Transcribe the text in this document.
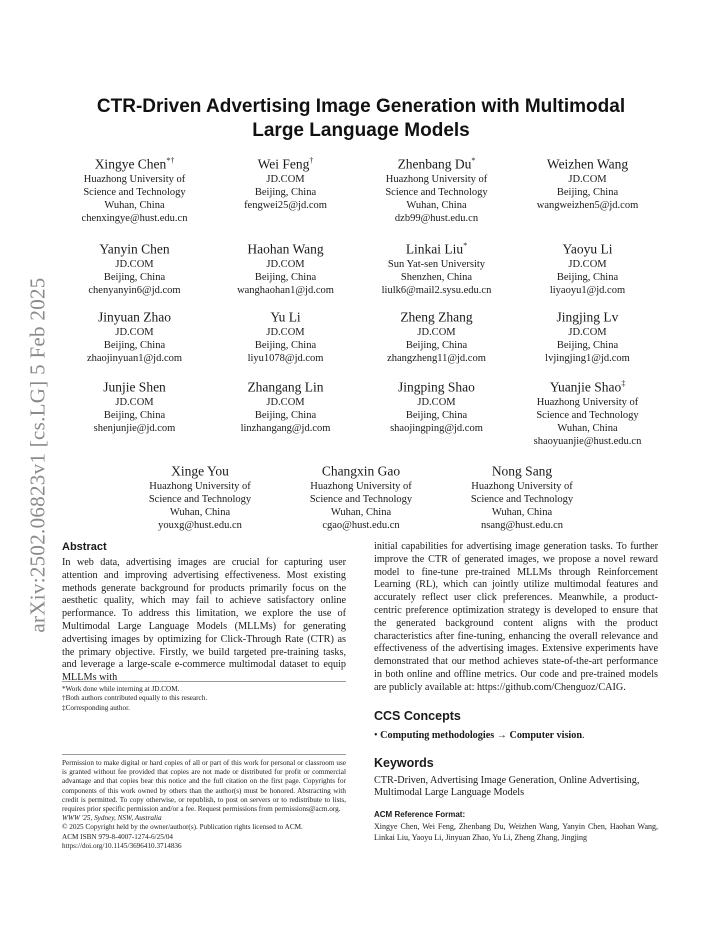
arXiv:2502.06823v1 [cs.LG] 5 Feb 2025
CTR-Driven Advertising Image Generation with Multimodal
Large Language Models
Xingye Chen*†
Huazhong University of
Science and Technology
Wuhan, China
chenxingye@hust.edu.cn
Wei Feng†
JD.COM
Beijing, China
fengwei25@jd.com
Zhenbang Du*
Huazhong University of
Science and Technology
Wuhan, China
dzb99@hust.edu.cn
Weizhen Wang
JD.COM
Beijing, China
wangweizhen5@jd.com
Yanyin Chen
JD.COM
Beijing, China
chenyanyin6@jd.com
Haohan Wang
JD.COM
Beijing, China
wanghaohan1@jd.com
Linkai Liu*
Sun Yat-sen University
Shenzhen, China
liulk6@mail2.sysu.edu.cn
Yaoyu Li
JD.COM
Beijing, China
liyaoyu1@jd.com
Jinyuan Zhao
JD.COM
Beijing, China
zhaojinyuan1@jd.com
Yu Li
JD.COM
Beijing, China
liyu1078@jd.com
Zheng Zhang
JD.COM
Beijing, China
zhangzheng11@jd.com
Jingjing Lv
JD.COM
Beijing, China
lvjingjing1@jd.com
Junjie Shen
JD.COM
Beijing, China
shenjunjie@jd.com
Zhangang Lin
JD.COM
Beijing, China
linzhangang@jd.com
Jingping Shao
JD.COM
Beijing, China
shaojingping@jd.com
Yuanjie Shao‡
Huazhong University of
Science and Technology
Wuhan, China
shaoyuanjie@hust.edu.cn
Xinge You
Huazhong University of
Science and Technology
Wuhan, China
youxg@hust.edu.cn
Changxin Gao
Huazhong University of
Science and Technology
Wuhan, China
cgao@hust.edu.cn
Nong Sang
Huazhong University of
Science and Technology
Wuhan, China
nsang@hust.edu.cn
Abstract

In web data, advertising images are crucial for capturing user attention and improving advertising effectiveness. Most existing methods generate background for products primarily focus on the aesthetic quality, which may fail to achieve satisfactory online performance. To address this limitation, we explore the use of Multimodal Large Language Models (MLLMs) for generating advertising images by optimizing for Click-Through Rate (CTR) as the primary objective. Firstly, we build targeted pre-training tasks, and leverage a large-scale e-commerce multimodal dataset to equip MLLMs with

*Work done while interning at JD.COM.
†Both authors contributed equally to this research.
‡Corresponding author.

Permission to make digital or hard copies of all or part of this work for personal or classroom use is granted without fee provided that copies are not made or distributed for profit or commercial advantage and that copies bear this notice and the full citation on the first page. Copyrights for components of this work owned by others than the author(s) must be honored. Abstracting with credit is permitted. To copy otherwise, or republish, to post on servers or to redistribute to lists, requires prior specific permission and/or a fee. Request permissions from permissions@acm.org.

WWW '25, Sydney, NSW, Australia
© 2025 Copyright held by the owner/author(s). Publication rights licensed to ACM.
ACM ISBN 979-8-4007-1274-6/25/04
https://doi.org/10.1145/3696410.3714836

initial capabilities for advertising image generation tasks. To further improve the CTR of generated images, we propose a novel reward model to fine-tune pre-trained MLLMs through Reinforcement Learning (RL), which can jointly utilize multimodal features and accurately reflect user click preferences. Meanwhile, a product-centric preference optimization strategy is developed to ensure that the generated background content aligns with the product characteristics after fine-tuning, enhancing the overall relevance and effectiveness of the advertising images. Extensive experiments have demonstrated that our method achieves state-of-the-art performance in both online and offline metrics. Our code and pre-trained models are publicly available at: https://github.com/Chenguoz/CAIG.

CCS Concepts
• Computing methodologies → Computer vision.
Keywords

CTR-Driven, Advertising Image Generation, Online Advertising, Multimodal Large Language Models

ACM Reference Format:

Xingye Chen, Wei Feng, Zhenbang Du, Weizhen Wang, Yanyin Chen, Haohan Wang, Linkai Liu, Yaoyu Li, Jinyuan Zhao, Yu Li, Zheng Zhang, Jingjing
